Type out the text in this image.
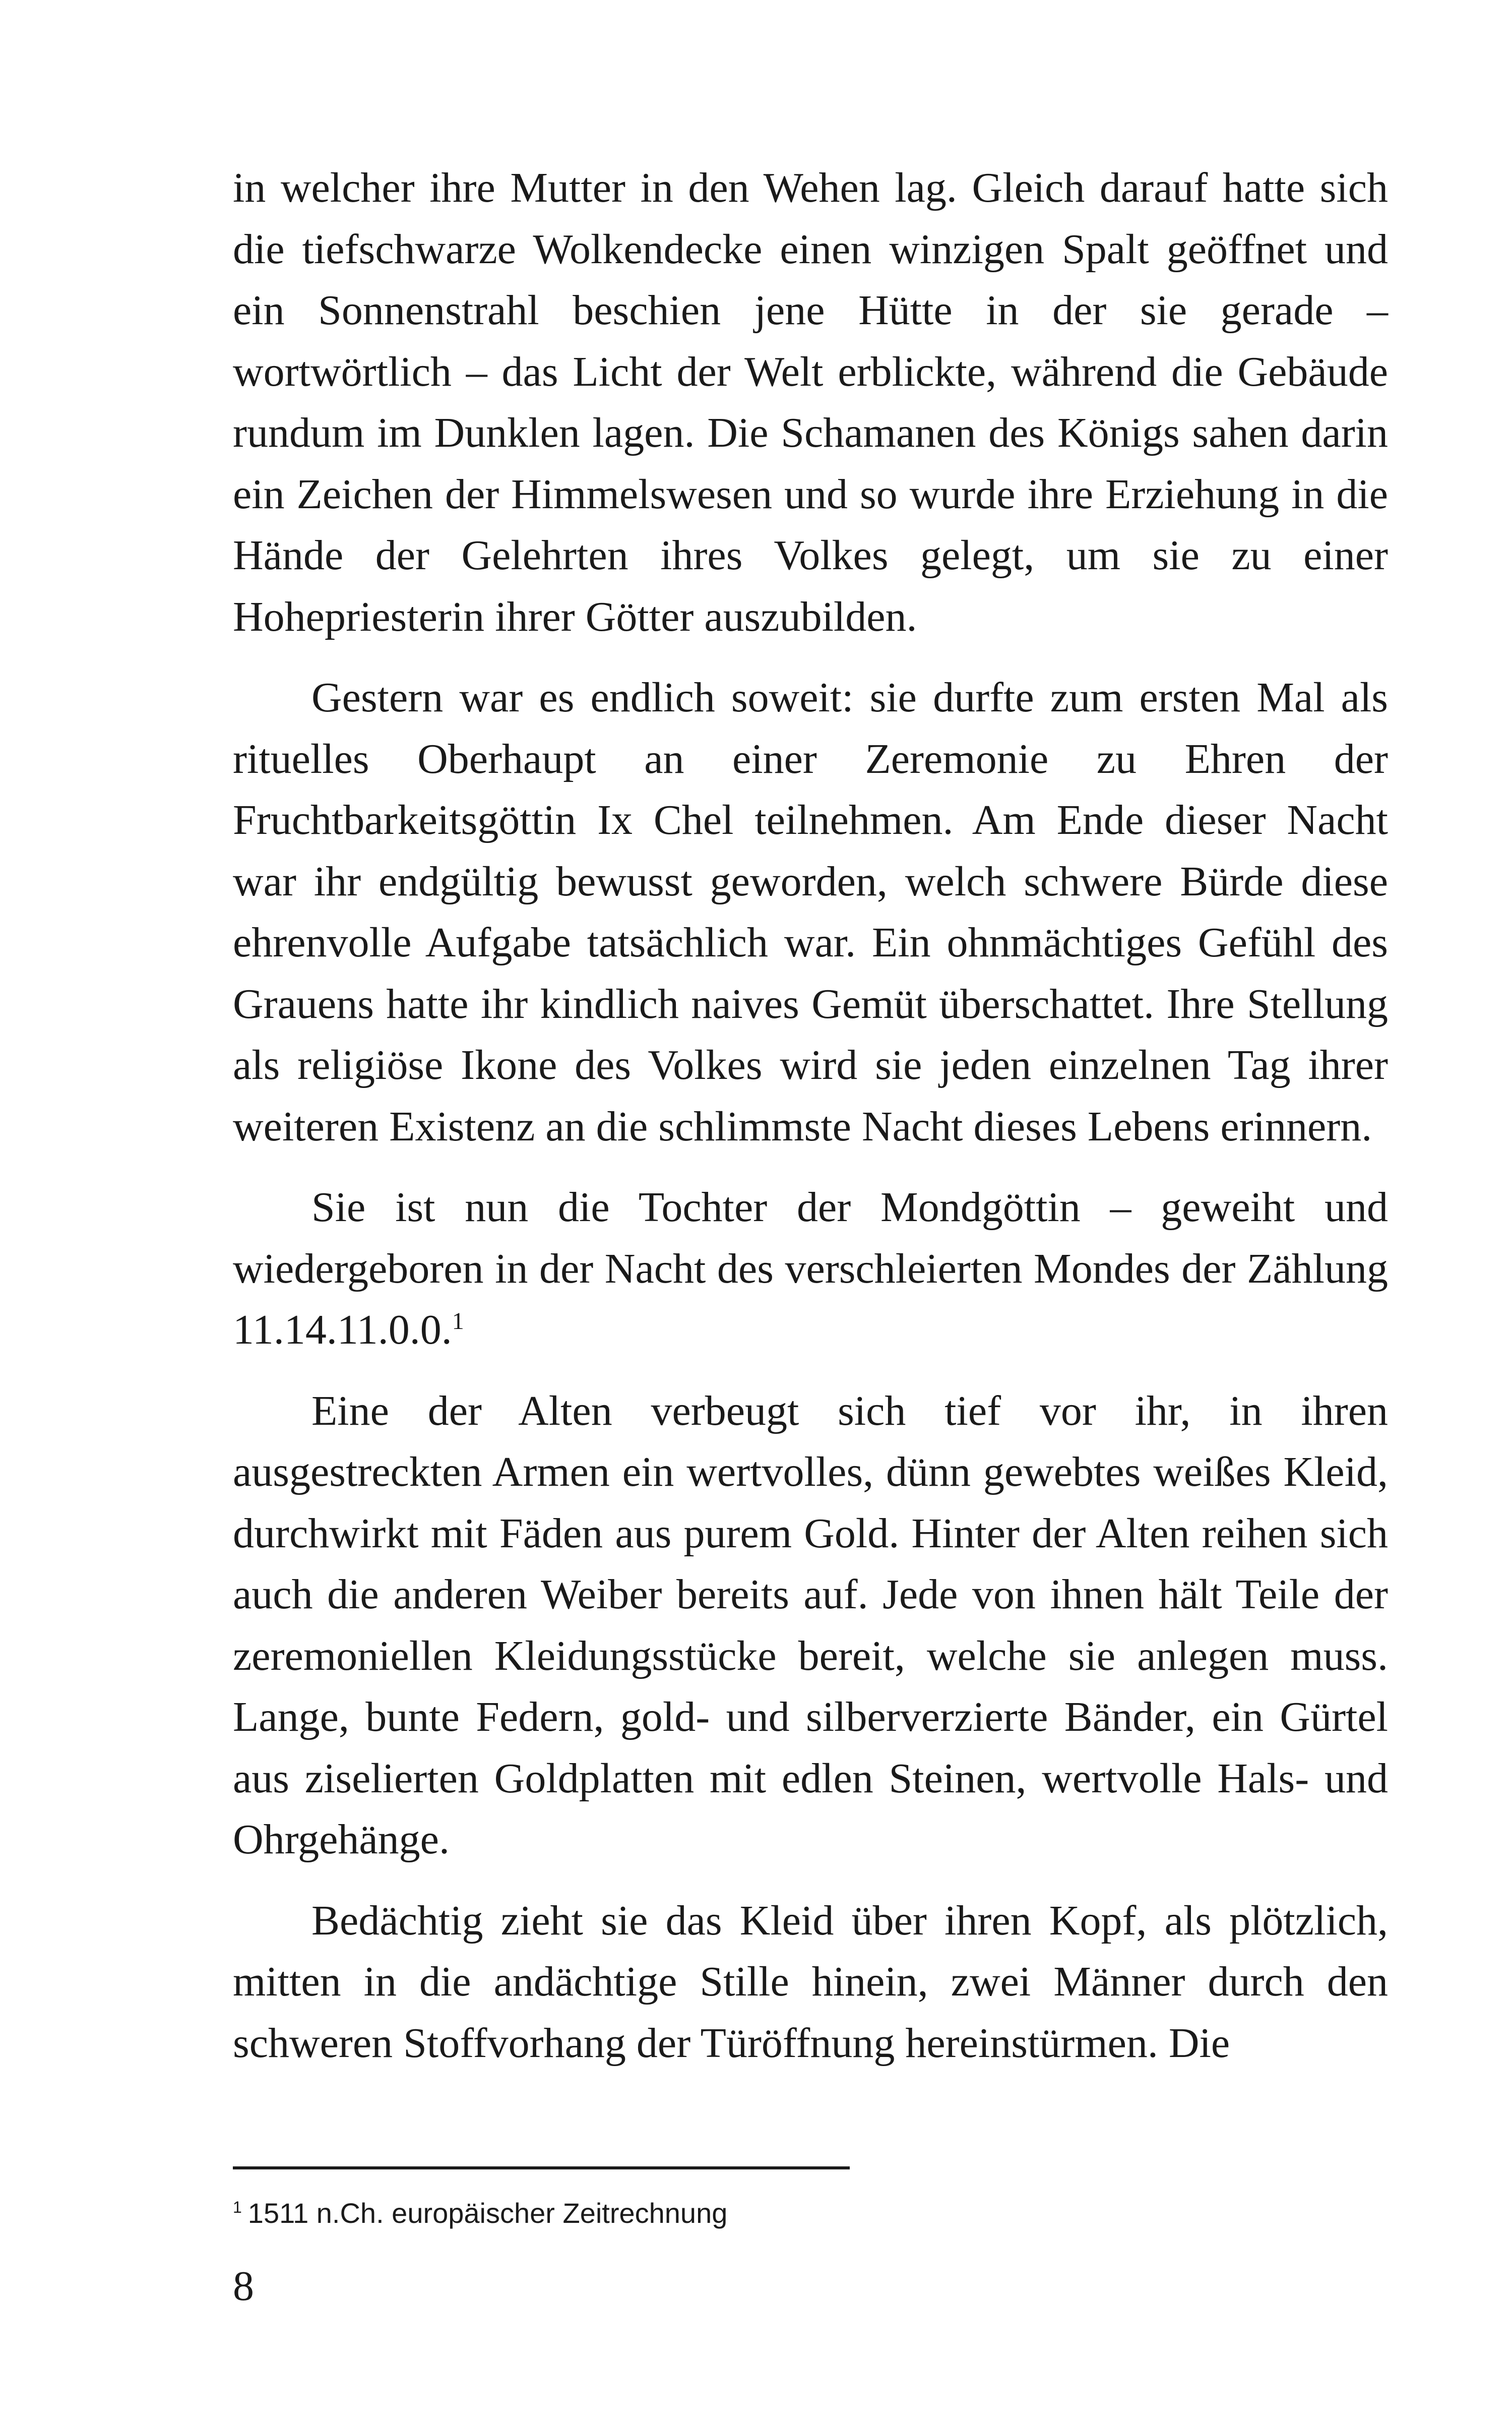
in welcher ihre Mutter in den Wehen lag. Gleich darauf hatte sich die tiefschwarze Wolkendecke einen winzigen Spalt geöffnet und ein Sonnenstrahl beschien jene Hütte in der sie gerade – wortwörtlich – das Licht der Welt erblickte, während die Gebäude rundum im Dunklen lagen. Die Schamanen des Königs sahen darin ein Zeichen der Himmelswesen und so wurde ihre Erziehung in die Hände der Gelehrten ihres Volkes gelegt, um sie zu einer Hohepriesterin ihrer Götter auszubilden.

Gestern war es endlich soweit: sie durfte zum ersten Mal als rituelles Oberhaupt an einer Zeremonie zu Ehren der Fruchtbarkeitsgöttin Ix Chel teilnehmen. Am Ende dieser Nacht war ihr endgültig bewusst geworden, welch schwere Bürde diese ehrenvolle Aufgabe tatsächlich war. Ein ohnmächtiges Gefühl des Grauens hatte ihr kindlich naives Gemüt überschattet. Ihre Stellung als religiöse Ikone des Volkes wird sie jeden einzelnen Tag ihrer weiteren Existenz an die schlimmste Nacht dieses Lebens erinnern.

Sie ist nun die Tochter der Mondgöttin – geweiht und wiedergeboren in der Nacht des verschleierten Mondes der Zählung 11.14.11.0.0.$^1$

Eine der Alten verbeugt sich tief vor ihr, in ihren ausgestreckten Armen ein wertvolles, dünn gewebtes weißes Kleid, durchwirkt mit Fäden aus purem Gold. Hinter der Alten reihen sich auch die anderen Weiber bereits auf. Jede von ihnen hält Teile der zeremoniellen Kleidungsstücke bereit, welche sie anlegen muss. Lange, bunte Federn, gold- und silberverzierte Bänder, ein Gürtel aus ziselierten Goldplatten mit edlen Steinen, wertvolle Hals- und Ohrgehänge.

Bedächtig zieht sie das Kleid über ihren Kopf, als plötzlich, mitten in die andächtige Stille hinein, zwei Männer durch den schweren Stoffvorhang der Türöffnung hereinstürmen. Die

$^1$ 1511 n.Ch. europäischer Zeitrechnung
8
